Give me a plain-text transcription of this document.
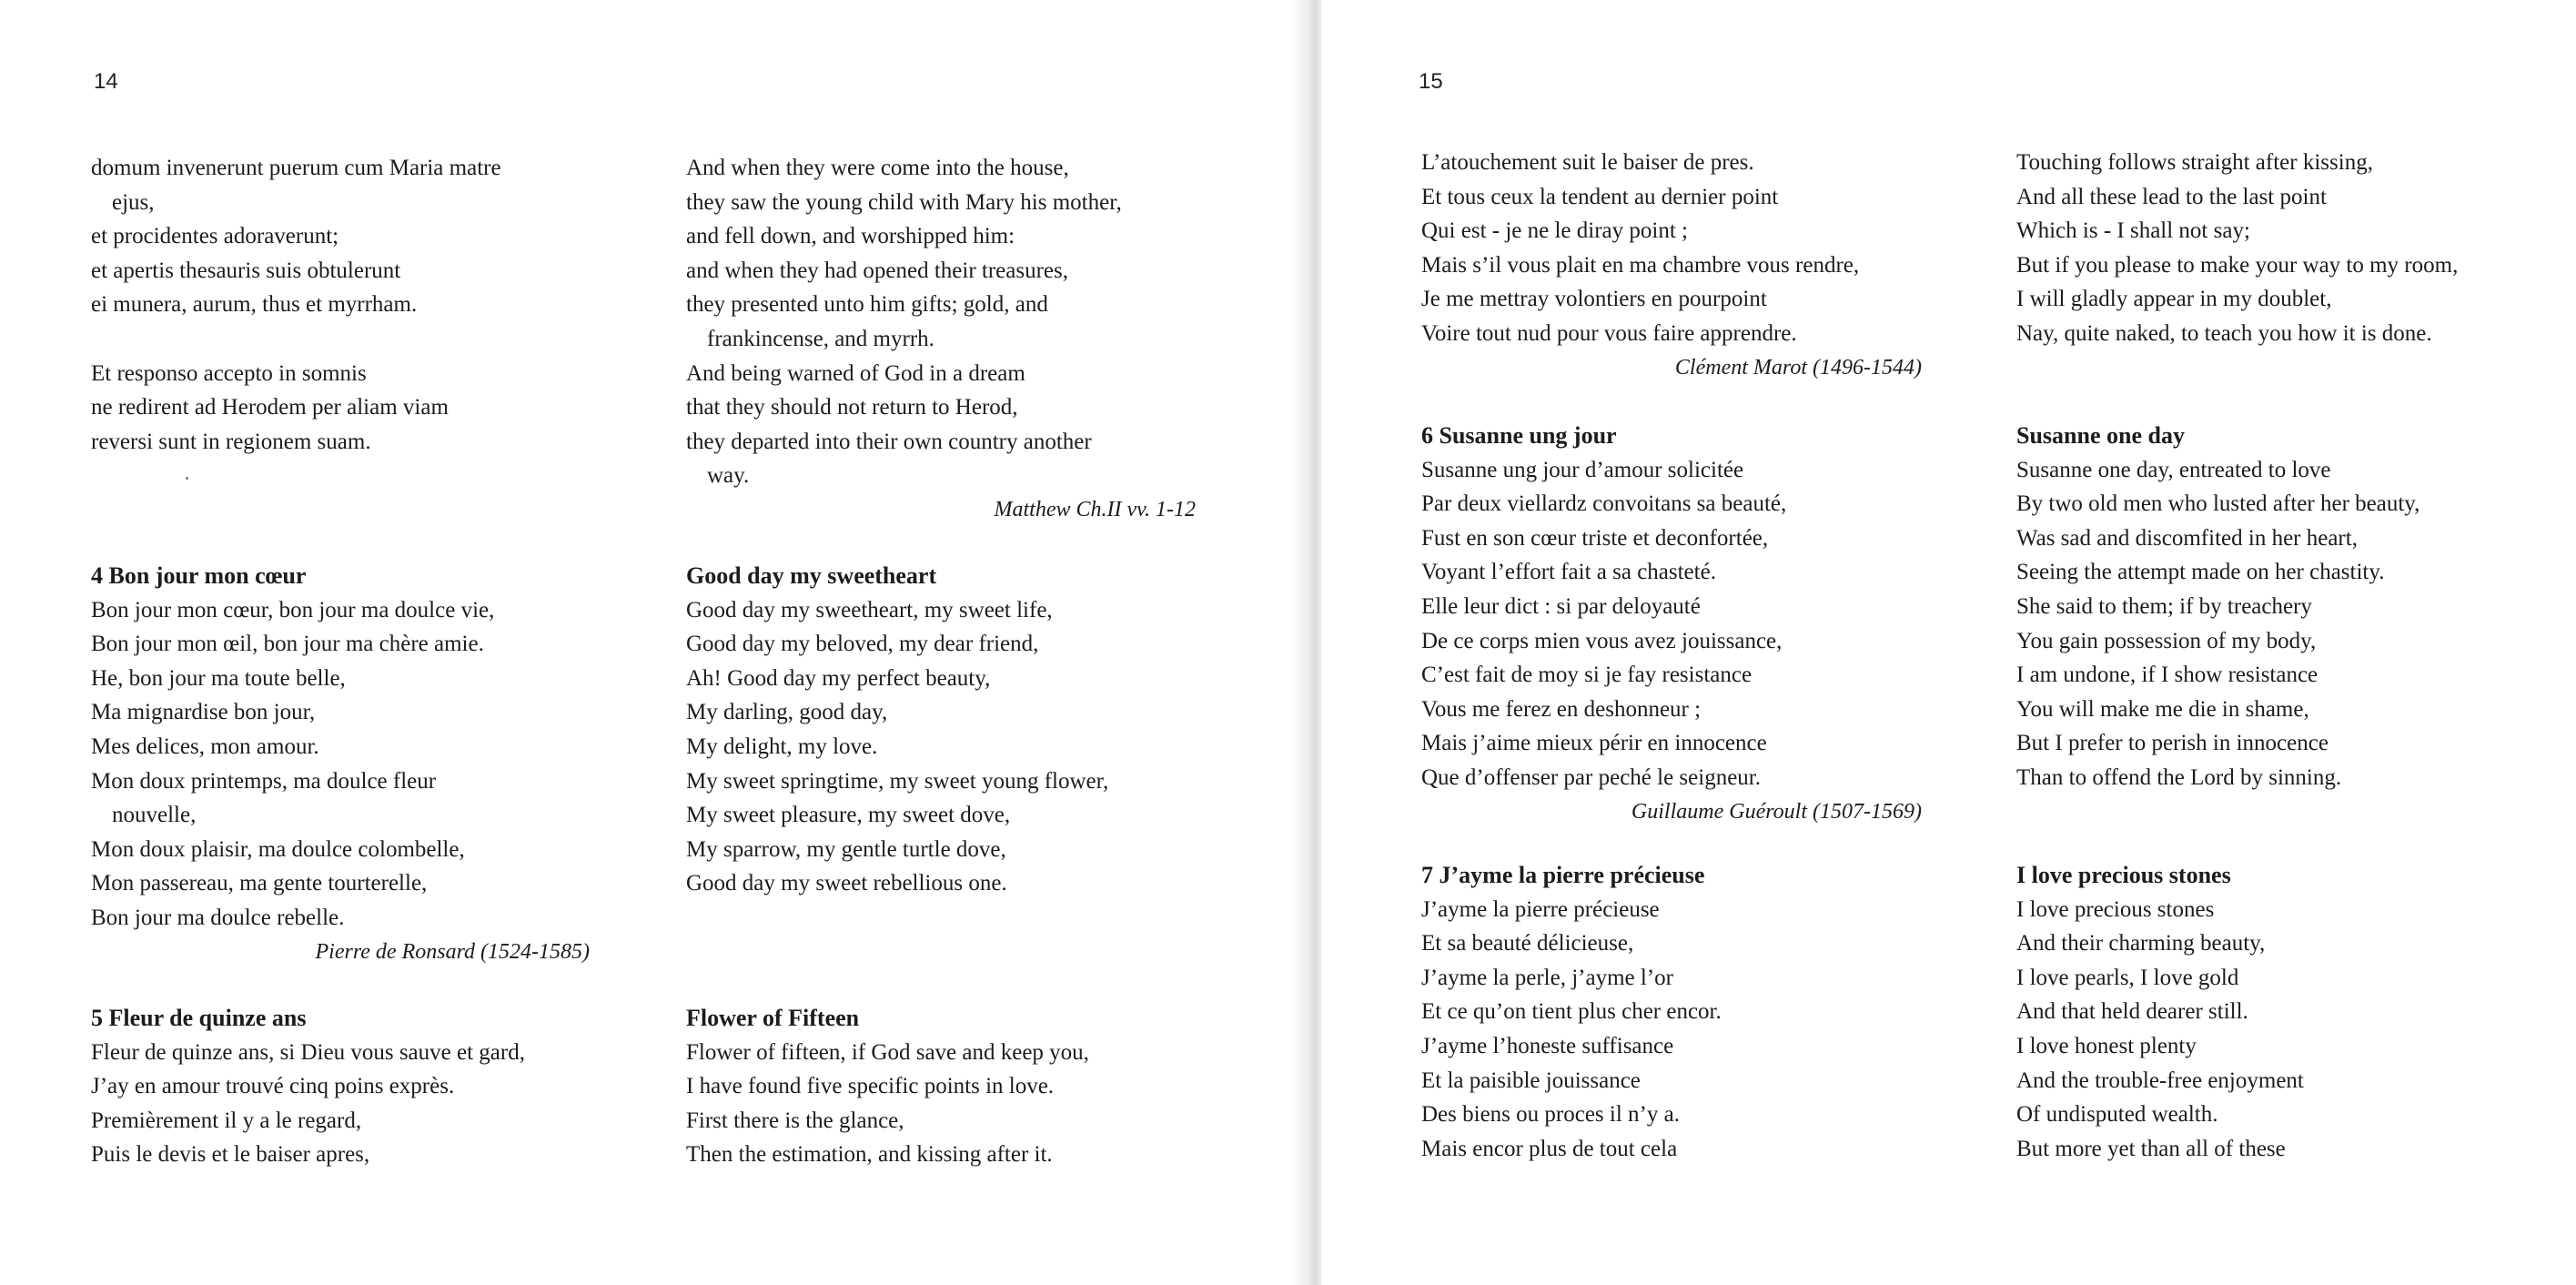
14
domum invenerunt puerum cum Maria matre
ejus,
et procidentes adoraverunt;
et apertis thesauris suis obtulerunt
ei munera, aurum, thus et myrrham.

Et responso accepto in somnis
ne redirent ad Herodem per aliam viam
reversi sunt in regionem suam.
And when they were come into the house,
they saw the young child with Mary his mother,
and fell down, and worshipped him:
and when they had opened their treasures,
they presented unto him gifts; gold, and
frankincense, and myrrh.
And being warned of God in a dream
that they should not return to Herod,
they departed into their own country another
way.
Matthew Ch.II vv. 1-12
4 Bon jour mon cœur
Bon jour mon cœur, bon jour ma doulce vie,
Bon jour mon œil, bon jour ma chère amie.
He, bon jour ma toute belle,
Ma mignardise bon jour,
Mes delices, mon amour.
Mon doux printemps, ma doulce fleur
nouvelle,
Mon doux plaisir, ma doulce colombelle,
Mon passereau, ma gente tourterelle,
Bon jour ma doulce rebelle.
Pierre de Ronsard (1524-1585)
Good day my sweetheart
Good day my sweetheart, my sweet life,
Good day my beloved, my dear friend,
Ah! Good day my perfect beauty,
My darling, good day,
My delight, my love.
My sweet springtime, my sweet young flower,
My sweet pleasure, my sweet dove,
My sparrow, my gentle turtle dove,
Good day my sweet rebellious one.
5 Fleur de quinze ans
Fleur de quinze ans, si Dieu vous sauve et gard,
J’ay en amour trouvé cinq poins exprès.
Premièrement il y a le regard,
Puis le devis et le baiser apres,
Flower of Fifteen
Flower of fifteen, if God save and keep you,
I have found five specific points in love.
First there is the glance,
Then the estimation, and kissing after it.
15
L’atouchement suit le baiser de pres.
Et tous ceux la tendent au dernier point
Qui est - je ne le diray point ;
Mais s’il vous plait en ma chambre vous rendre,
Je me mettray volontiers en pourpoint
Voire tout nud pour vous faire apprendre.
Clément Marot (1496-1544)
Touching follows straight after kissing,
And all these lead to the last point
Which is - I shall not say;
But if you please to make your way to my room,
I will gladly appear in my doublet,
Nay, quite naked, to teach you how it is done.
6 Susanne ung jour
Susanne ung jour d’amour solicitée
Par deux viellardz convoitans sa beauté,
Fust en son cœur triste et deconfortée,
Voyant l’effort fait a sa chasteté.
Elle leur dict : si par deloyauté
De ce corps mien vous avez jouissance,
C’est fait de moy si je fay resistance
Vous me ferez en deshonneur ;
Mais j’aime mieux périr en innocence
Que d’offenser par peché le seigneur.
Guillaume Guéroult (1507-1569)
Susanne one day
Susanne one day, entreated to love
By two old men who lusted after her beauty,
Was sad and discomfited in her heart,
Seeing the attempt made on her chastity.
She said to them; if by treachery
You gain possession of my body,
I am undone, if I show resistance
You will make me die in shame,
But I prefer to perish in innocence
Than to offend the Lord by sinning.
7 J’ayme la pierre précieuse
J’ayme la pierre précieuse
Et sa beauté délicieuse,
J’ayme la perle, j’ayme l’or
Et ce qu’on tient plus cher encor.
J’ayme l’honeste suffisance
Et la paisible jouissance
Des biens ou proces il n’y a.
Mais encor plus de tout cela
I love precious stones
I love precious stones
And their charming beauty,
I love pearls, I love gold
And that held dearer still.
I love honest plenty
And the trouble-free enjoyment
Of undisputed wealth.
But more yet than all of these
